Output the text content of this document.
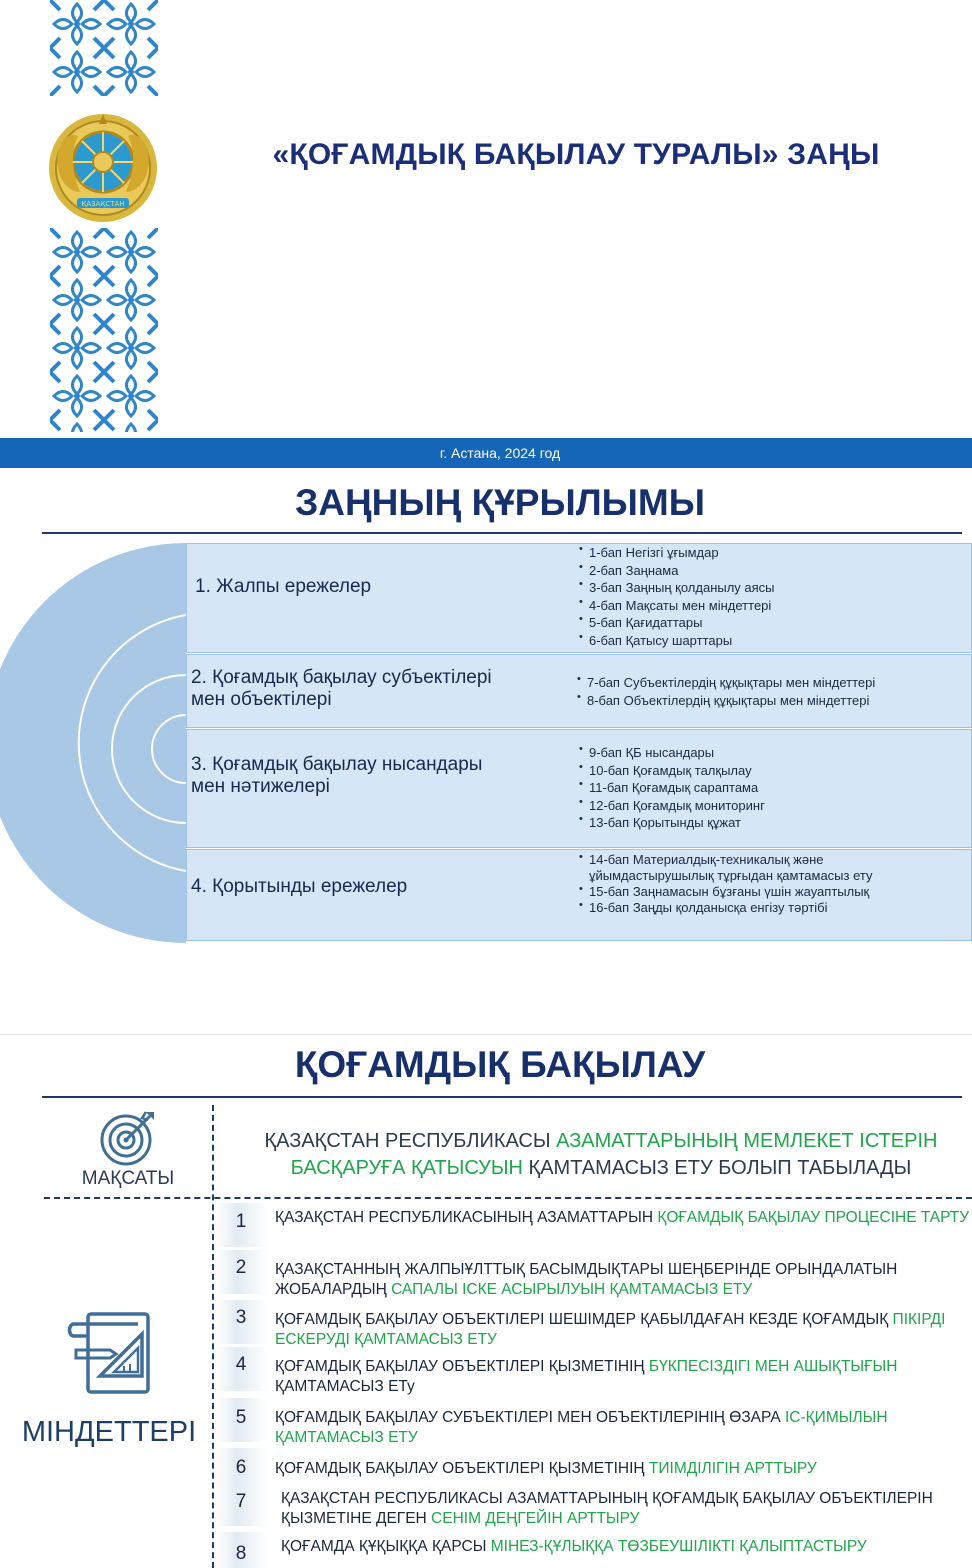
ҚАЗАҚСТАН
«ҚОҒАМДЫҚ БАҚЫЛАУ ТУРАЛЫ» ЗАҢЫ
г. Астана, 2024 год
ЗАҢНЫҢ ҚҰРЫЛЫМЫ
1. Жалпы ережелер
• 1-бап Негізгі ұғымдар
• 2-бап Заңнама
• 3-бап Заңның қолданылу аясы
• 4-бап Мақсаты мен міндеттері
• 5-бап Қағидаттары
• 6-бап Қатысу шарттары
2. Қоғамдық бақылау субъектілері мен объектілері
• 7-бап Субъектілердің құқықтары мен міндеттері
• 8-бап Объектілердің құқықтары мен міндеттері
3. Қоғамдық бақылау нысандары мен нәтижелері
• 9-бап ҚБ нысандары
• 10-бап Қоғамдық талқылау
• 11-бап Қоғамдық сараптама
• 12-бап Қоғамдық мониторинг
• 13-бап Қорытынды құжат
4. Қорытынды ережелер
• 14-бап Материалдық-техникалық және ұйымдастырушылық тұрғыдан қамтамасыз ету
• 15-бап Заңнамасын бұзғаны үшін жауаптылық
• 16-бап Заңды қолданысқа енгізу тәртібі
ҚОҒАМДЫҚ БАҚЫЛАУ
МАҚСАТЫ
ҚАЗАҚСТАН РЕСПУБЛИКАСЫ АЗАМАТТАРЫНЫҢ МЕМЛЕКЕТ ІСТЕРІН БАСҚАРУҒА ҚАТЫСУЫН ҚАМТАМАСЫЗ ЕТУ БОЛЫП ТАБЫЛАДЫ
МІНДЕТТЕРІ
1	ҚАЗАҚСТАН РЕСПУБЛИКАСЫНЫҢ АЗАМАТТАРЫН ҚОҒАМДЫҚ БАҚЫЛАУ ПРОЦЕСІНЕ ТАРТУ
2	ҚАЗАҚСТАННЫҢ ЖАЛПЫҰЛТТЫҚ БАСЫМДЫҚТАРЫ ШЕҢБЕРІНДЕ ОРЫНДАЛАТЫН ЖОБАЛАРДЫҢ САПАЛЫ ІСКЕ АСЫРЫЛУЫН ҚАМТАМАСЫЗ ЕТУ
3	ҚОҒАМДЫҚ БАҚЫЛАУ ОБЪЕКТІЛЕРІ ШЕШІМДЕР ҚАБЫЛДАҒАН КЕЗДЕ ҚОҒАМДЫҚ ПІКІРДІ ЕСКЕРУДІ ҚАМТАМАСЫЗ ЕТУ
4	ҚОҒАМДЫҚ БАҚЫЛАУ ОБЪЕКТІЛЕРІ ҚЫЗМЕТІНІҢ БҮКПЕСІЗДІГІ МЕН АШЫҚТЫҒЫН ҚАМТАМАСЫЗ ЕТу
5	ҚОҒАМДЫҚ БАҚЫЛАУ СУБЪЕКТІЛЕРІ МЕН ОБЪЕКТІЛЕРІНІҢ ӨЗАРА ІС-ҚИМЫЛЫН ҚАМТАМАСЫЗ ЕТУ
6	ҚОҒАМДЫҚ БАҚЫЛАУ ОБЪЕКТІЛЕРІ ҚЫЗМЕТІНІҢ ТИІМДІЛІГІН АРТТЫРУ
7	ҚАЗАҚСТАН РЕСПУБЛИКАСЫ АЗАМАТТАРЫНЫҢ ҚОҒАМДЫҚ БАҚЫЛАУ ОБЪЕКТІЛЕРІН ҚЫЗМЕТІНЕ ДЕГЕН СЕНІМ ДЕҢГЕЙІН АРТТЫРУ
8	ҚОҒАМДА ҚҰҚЫҚҚА ҚАРСЫ МІНЕЗ-ҚҰЛЫҚҚА ТӨЗБЕУШІЛІКТІ ҚАЛЫПТАСТЫРУ
